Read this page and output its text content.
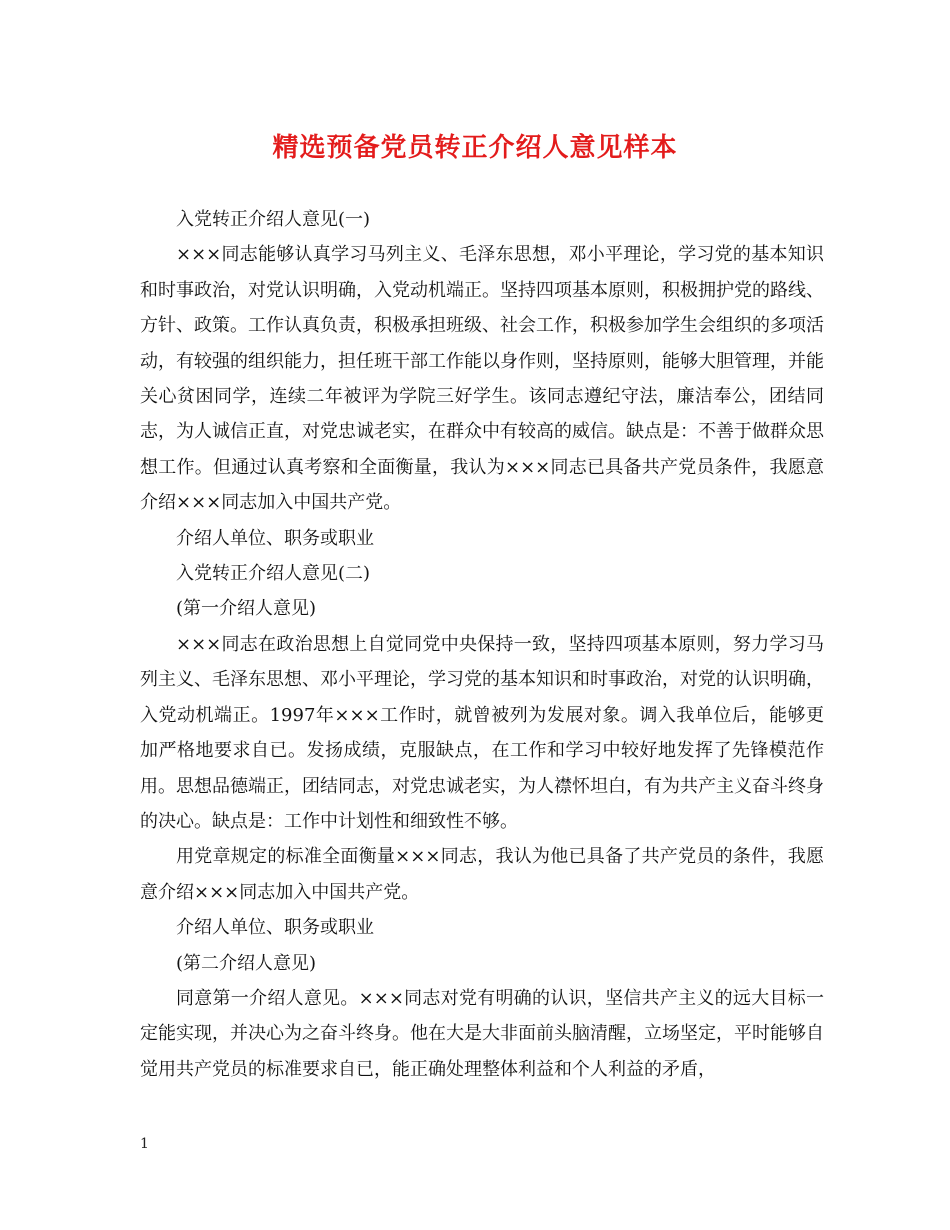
精选预备党员转正介绍人意见样本

入党转正介绍人意见(一)

×××同志能够认真学习马列主义、毛泽东思想，邓小平理论，学习党的基本知识和时事政治，对党认识明确，入党动机端正。坚持四项基本原则，积极拥护党的路线、方针、政策。工作认真负责，积极承担班级、社会工作，积极参加学生会组织的多项活动，有较强的组织能力，担任班干部工作能以身作则，坚持原则，能够大胆管理，并能关心贫困同学，连续二年被评为学院三好学生。该同志遵纪守法，廉洁奉公，团结同志，为人诚信正直，对党忠诚老实，在群众中有较高的威信。缺点是：不善于做群众思想工作。但通过认真考察和全面衡量，我认为×××同志已具备共产党员条件，我愿意介绍×××同志加入中国共产党。

介绍人单位、职务或职业

入党转正介绍人意见(二)

(第一介绍人意见)

×××同志在政治思想上自觉同党中央保持一致，坚持四项基本原则，努力学习马列主义、毛泽东思想、邓小平理论，学习党的基本知识和时事政治，对党的认识明确，入党动机端正。1997年×××工作时，就曾被列为发展对象。调入我单位后，能够更加严格地要求自已。发扬成绩，克服缺点，在工作和学习中较好地发挥了先锋模范作用。思想品德端正，团结同志，对党忠诚老实，为人襟怀坦白，有为共产主义奋斗终身的决心。缺点是：工作中计划性和细致性不够。

用党章规定的标准全面衡量×××同志，我认为他已具备了共产党员的条件，我愿意介绍×××同志加入中国共产党。

介绍人单位、职务或职业

(第二介绍人意见)

同意第一介绍人意见。×××同志对党有明确的认识，坚信共产主义的远大目标一定能实现，并决心为之奋斗终身。他在大是大非面前头脑清醒，立场坚定，平时能够自觉用共产党员的标准要求自已，能正确处理整体利益和个人利益的矛盾，

1
